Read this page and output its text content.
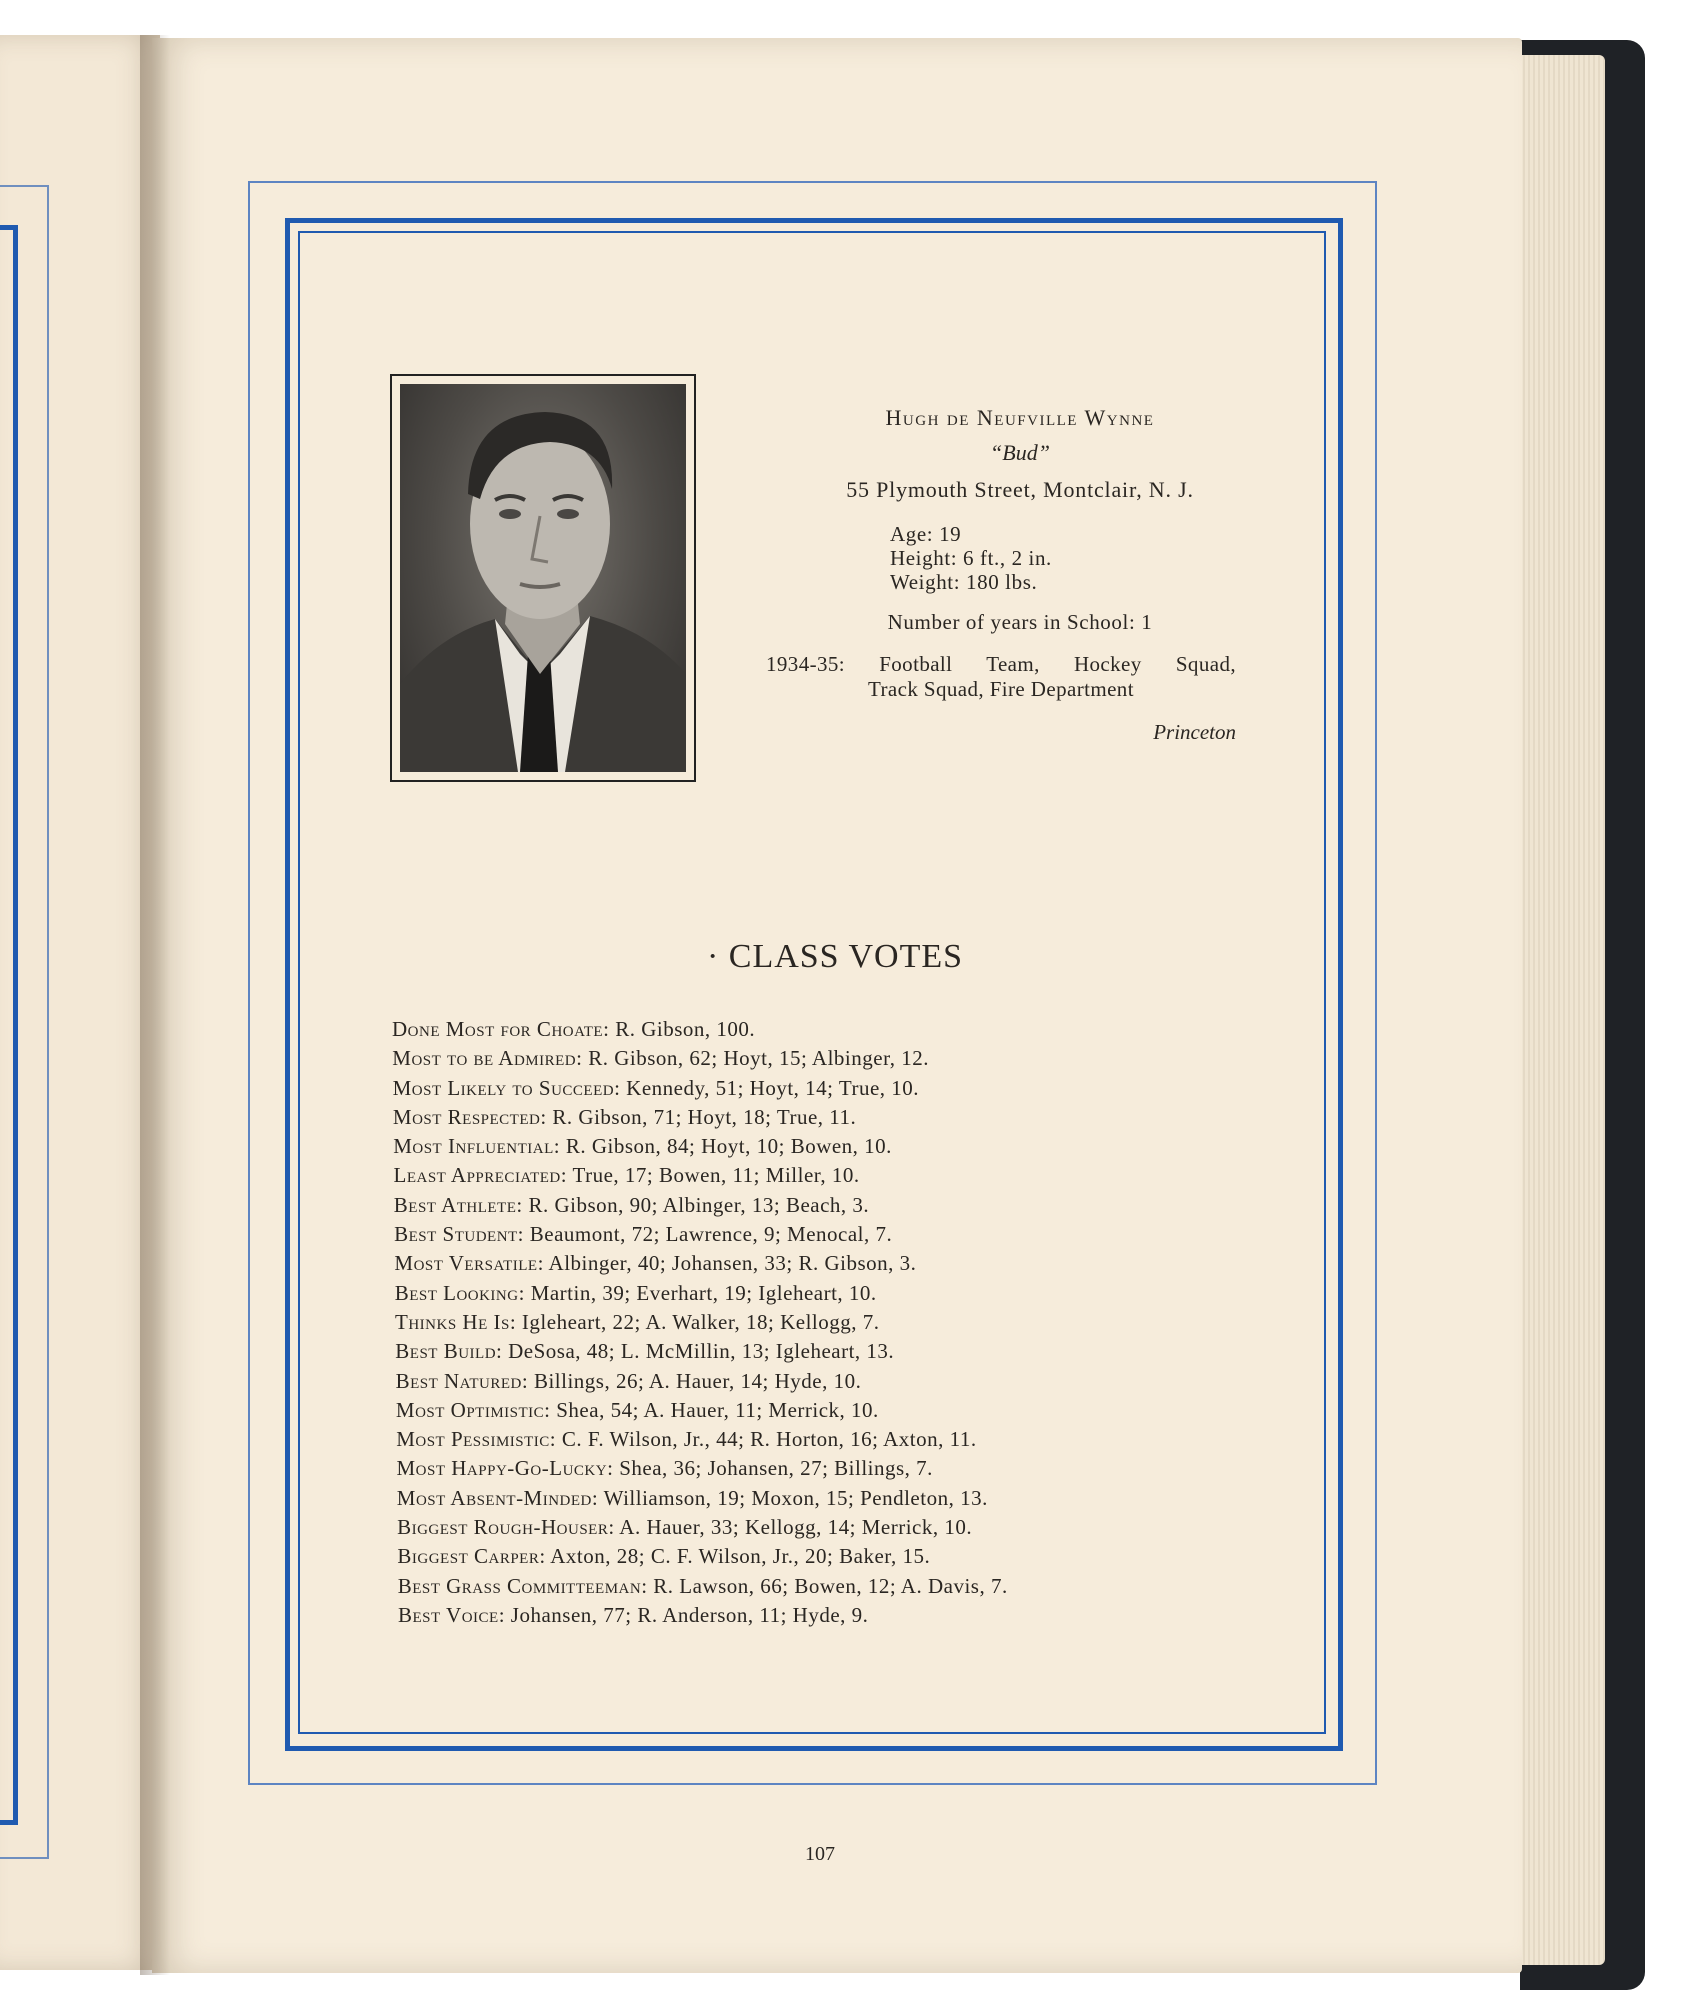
Hugh de Neufville Wynne
“Bud”
55 Plymouth Street, Montclair, N. J.
Age: 19
Height: 6 ft., 2 in.
Weight: 180 lbs.
Number of years in School: 1
1934-35: Football Team, Hockey Squad,
Track Squad, Fire Department
Princeton
· CLASS VOTES
Done Most for Choate: R. Gibson, 100.
Most to be Admired: R. Gibson, 62; Hoyt, 15; Albinger, 12.
Most Likely to Succeed: Kennedy, 51; Hoyt, 14; True, 10.
Most Respected: R. Gibson, 71; Hoyt, 18; True, 11.
Most Influential: R. Gibson, 84; Hoyt, 10; Bowen, 10.
Least Appreciated: True, 17; Bowen, 11; Miller, 10.
Best Athlete: R. Gibson, 90; Albinger, 13; Beach, 3.
Best Student: Beaumont, 72; Lawrence, 9; Menocal, 7.
Most Versatile: Albinger, 40; Johansen, 33; R. Gibson, 3.
Best Looking: Martin, 39; Everhart, 19; Igleheart, 10.
Thinks He Is: Igleheart, 22; A. Walker, 18; Kellogg, 7.
Best Build: DeSosa, 48; L. McMillin, 13; Igleheart, 13.
Best Natured: Billings, 26; A. Hauer, 14; Hyde, 10.
Most Optimistic: Shea, 54; A. Hauer, 11; Merrick, 10.
Most Pessimistic: C. F. Wilson, Jr., 44; R. Horton, 16; Axton, 11.
Most Happy-Go-Lucky: Shea, 36; Johansen, 27; Billings, 7.
Most Absent-Minded: Williamson, 19; Moxon, 15; Pendleton, 13.
Biggest Rough-Houser: A. Hauer, 33; Kellogg, 14; Merrick, 10.
Biggest Carper: Axton, 28; C. F. Wilson, Jr., 20; Baker, 15.
Best Grass Committeeman: R. Lawson, 66; Bowen, 12; A. Davis, 7.
Best Voice: Johansen, 77; R. Anderson, 11; Hyde, 9.
107
